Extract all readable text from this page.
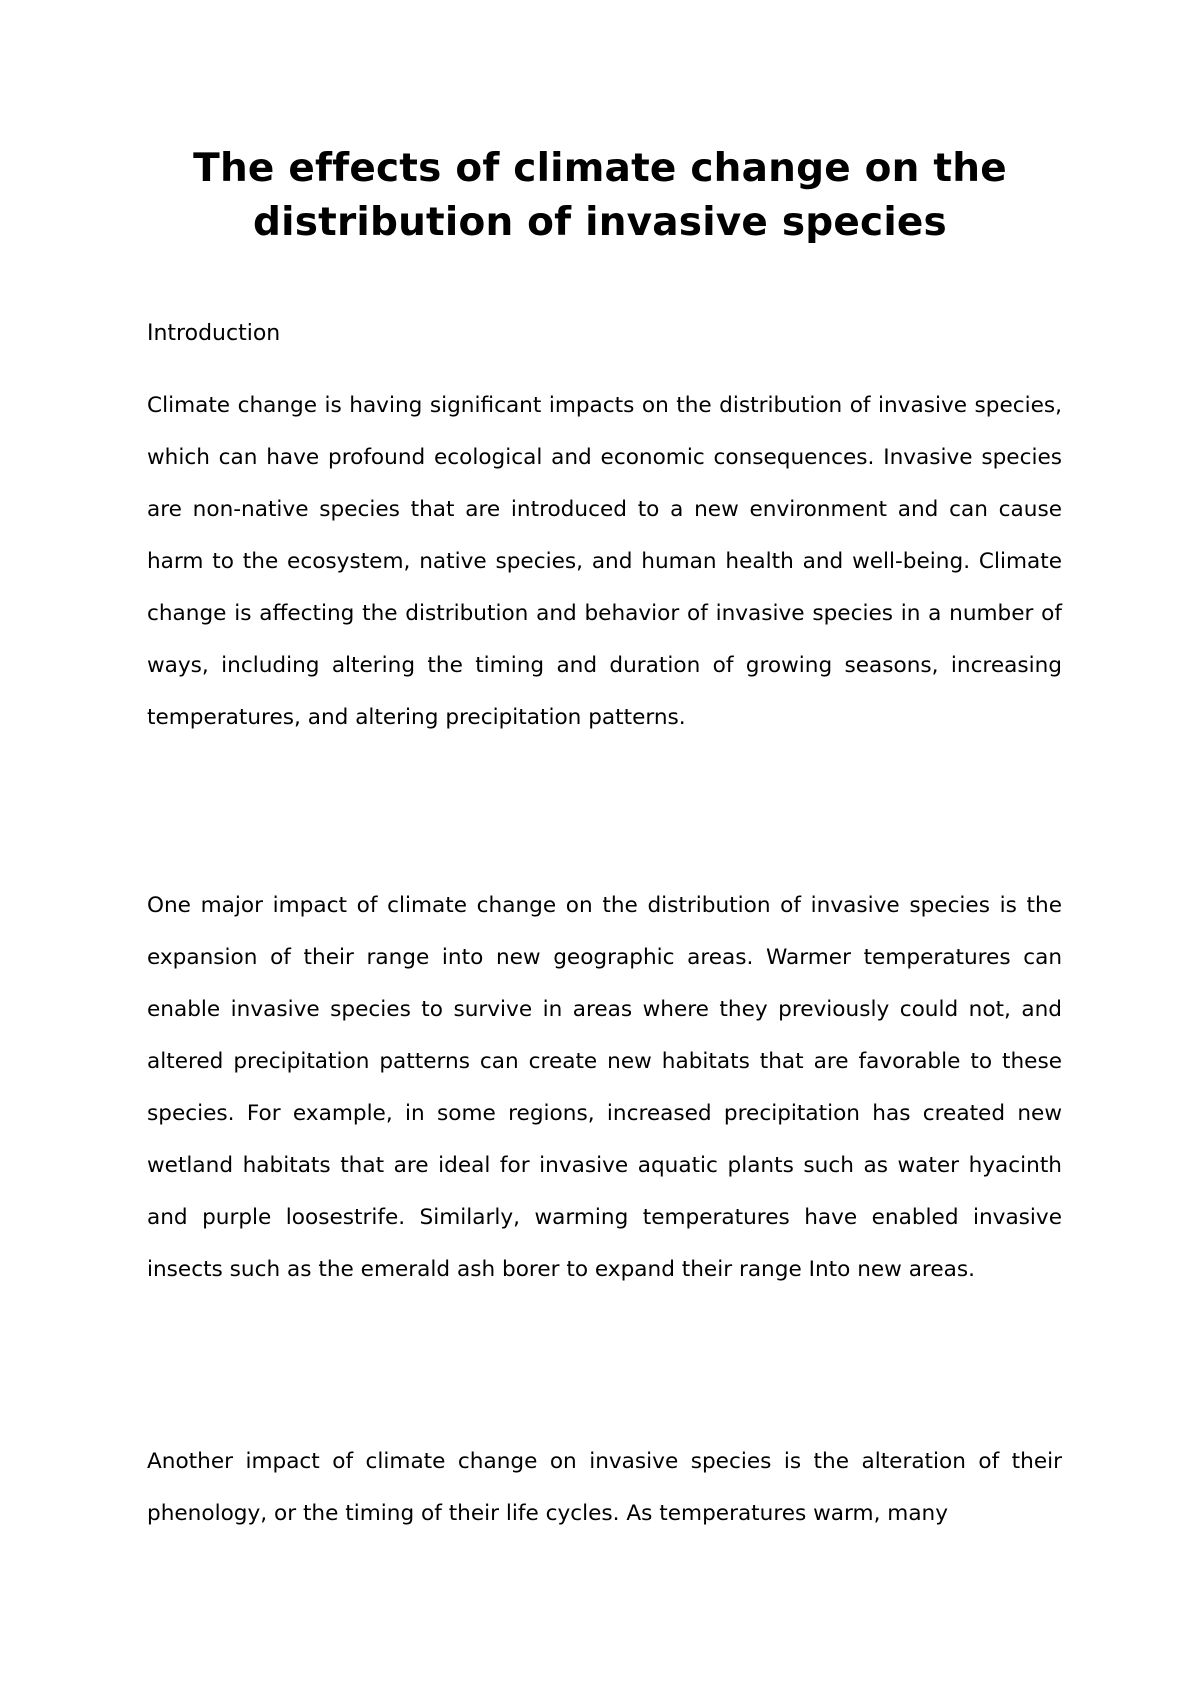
The effects of climate change on the distribution of invasive species

Introduction

Climate change is having significant impacts on the distribution of invasive species, which can have profound ecological and economic consequences. Invasive species are non-native species that are introduced to a new environment and can cause harm to the ecosystem, native species, and human health and well-being. Climate change is affecting the distribution and behavior of invasive species in a number of ways, including altering the timing and duration of growing seasons, increasing temperatures, and altering precipitation patterns.

One major impact of climate change on the distribution of invasive species is the expansion of their range into new geographic areas. Warmer temperatures can enable invasive species to survive in areas where they previously could not, and altered precipitation patterns can create new habitats that are favorable to these species. For example, in some regions, increased precipitation has created new wetland habitats that are ideal for invasive aquatic plants such as water hyacinth and purple loosestrife. Similarly, warming temperatures have enabled invasive insects such as the emerald ash borer to expand their range Into new areas.

Another impact of climate change on invasive species is the alteration of their phenology, or the timing of their life cycles. As temperatures warm, many
